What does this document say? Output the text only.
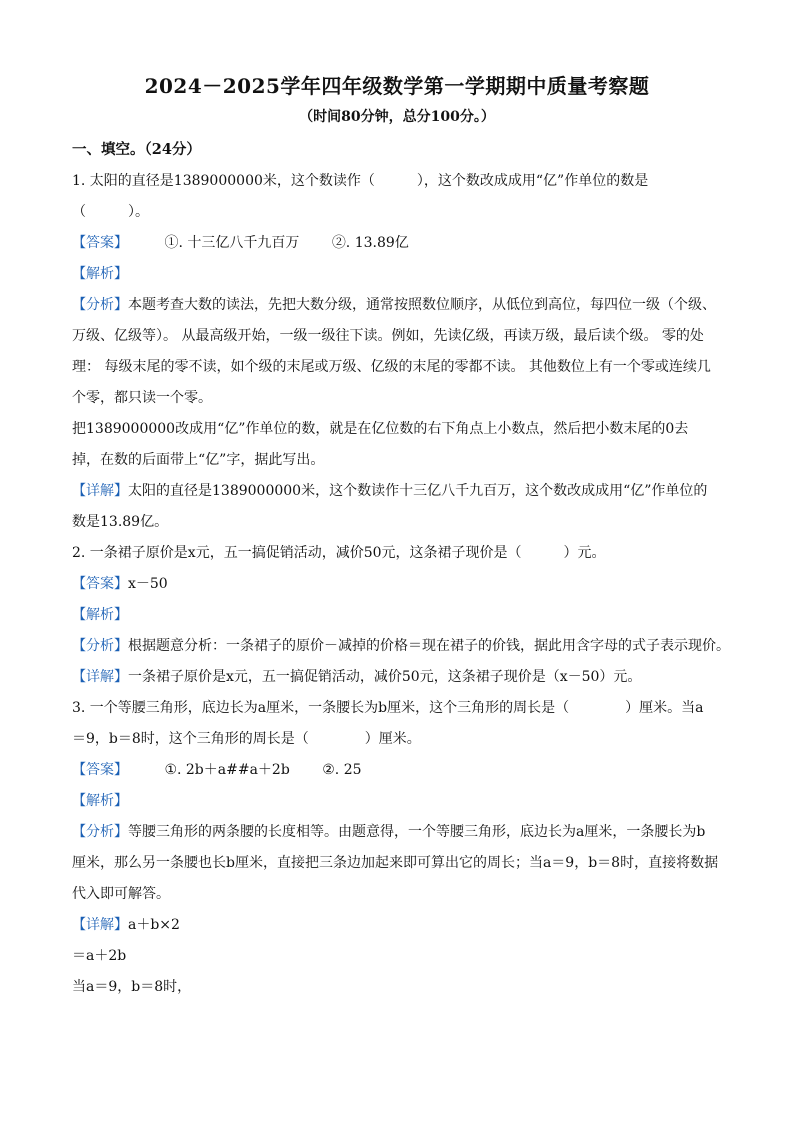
2024－2025学年四年级数学第一学期期中质量考察题
（时间80分钟，总分100分。）
一、填空。（24分）
1. 太阳的直径是1389000000米，这个数读作（　　　），这个数改成成用“亿”作单位的数是
（　　　）。
【答案】	①. 十三亿八千九百万 ②. 13.89亿
【解析】
【分析】本题考查大数的读法，先把大数分级，通常按照数位顺序，从低位到高位，每四位一级（个级、
万级、亿级等）。 从最高级开始，一级一级往下读。例如，先读亿级，再读万级，最后读个级。 零的处
理： 每级末尾的零不读，如个级的末尾或万级、亿级的末尾的零都不读。 其他数位上有一个零或连续几
个零，都只读一个零。
把1389000000改成用“亿”作单位的数，就是在亿位数的右下角点上小数点，然后把小数末尾的0去
掉，在数的后面带上“亿”字，据此写出。
【详解】太阳的直径是1389000000米，这个数读作十三亿八千九百万，这个数改成成用“亿”作单位的
数是13.89亿。
2. 一条裙子原价是x元，五一搞促销活动，减价50元，这条裙子现价是（　　　）元。
【答案】x－50
【解析】
【分析】根据题意分析：一条裙子的原价－减掉的价格＝现在裙子的价钱，据此用含字母的式子表示现价。
【详解】一条裙子原价是x元，五一搞促销活动，减价50元，这条裙子现价是（x－50）元。
3. 一个等腰三角形，底边长为a厘米，一条腰长为b厘米，这个三角形的周长是（　　　　）厘米。当a
＝9，b＝8时，这个三角形的周长是（　　　　）厘米。
【答案】	①. 2b＋a##a＋2b ②. 25
【解析】
【分析】等腰三角形的两条腰的长度相等。由题意得，一个等腰三角形，底边长为a厘米，一条腰长为b
厘米，那么另一条腰也长b厘米，直接把三条边加起来即可算出它的周长；当a＝9，b＝8时，直接将数据
代入即可解答。
【详解】a＋b×2
＝a＋2b
当a＝9，b＝8时，
